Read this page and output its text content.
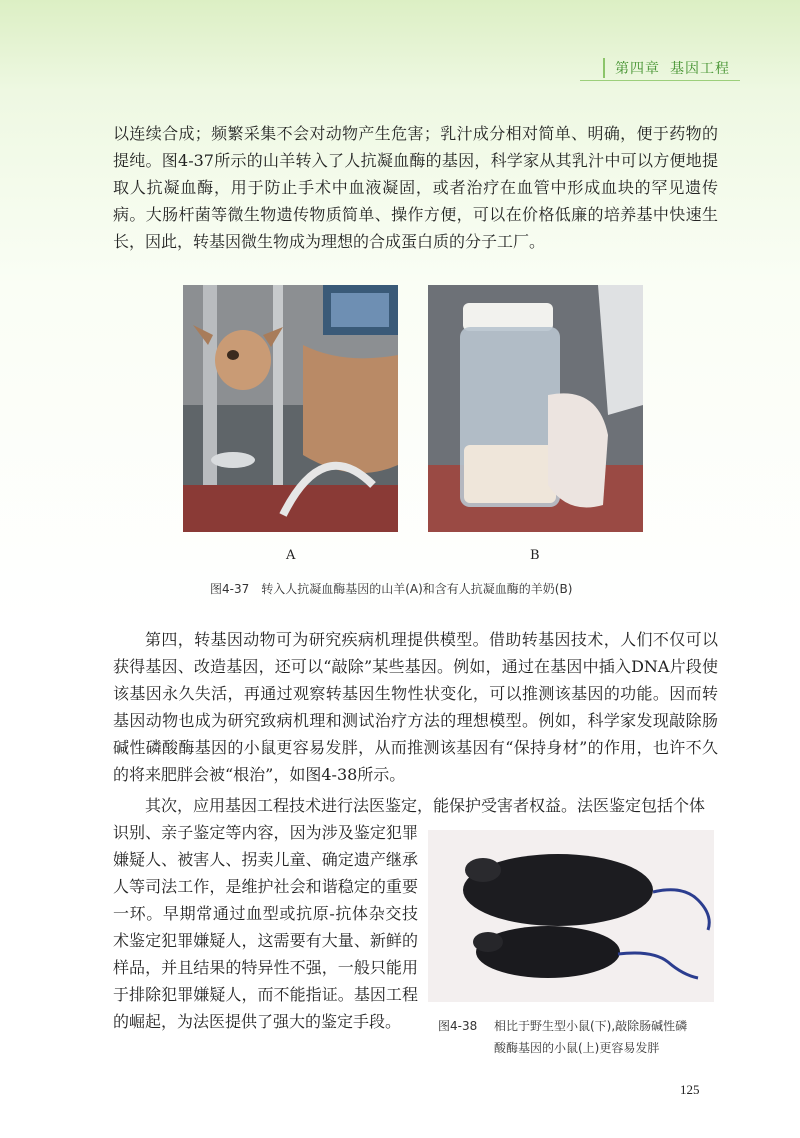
第四章 基因工程
以连续合成；频繁采集不会对动物产生危害；乳汁成分相对简单、明确，便于药物的提纯。图4-37所示的山羊转入了人抗凝血酶的基因，科学家从其乳汁中可以方便地提取人抗凝血酶，用于防止手术中血液凝固，或者治疗在血管中形成血块的罕见遗传病。大肠杆菌等微生物遗传物质简单、操作方便，可以在价格低廉的培养基中快速生长，因此，转基因微生物成为理想的合成蛋白质的分子工厂。
A	B
图4-37　转入人抗凝血酶基因的山羊(A)和含有人抗凝血酶的羊奶(B)
第四，转基因动物可为研究疾病机理提供模型。借助转基因技术，人们不仅可以获得基因、改造基因，还可以“敲除”某些基因。例如，通过在基因中插入DNA片段使该基因永久失活，再通过观察转基因生物性状变化，可以推测该基因的功能。因而转基因动物也成为研究致病机理和测试治疗方法的理想模型。例如，科学家发现敲除肠碱性磷酸酶基因的小鼠更容易发胖，从而推测该基因有“保持身材”的作用，也许不久的将来肥胖会被“根治”，如图4-38所示。
其次，应用基因工程技术进行法医鉴定，能保护受害者权益。法医鉴定包括个体
识别、亲子鉴定等内容，因为涉及鉴定犯罪嫌疑人、被害人、拐卖儿童、确定遗产继承人等司法工作，是维护社会和谐稳定的重要一环。早期常通过血型或抗原-抗体杂交技术鉴定犯罪嫌疑人，这需要有大量、新鲜的样品，并且结果的特异性不强，一般只能用于排除犯罪嫌疑人，而不能指证。基因工程的崛起，为法医提供了强大的鉴定手段。	图4-38 相比于野生型小鼠(下),敲除肠碱性磷
酸酶基因的小鼠(上)更容易发胖
125
